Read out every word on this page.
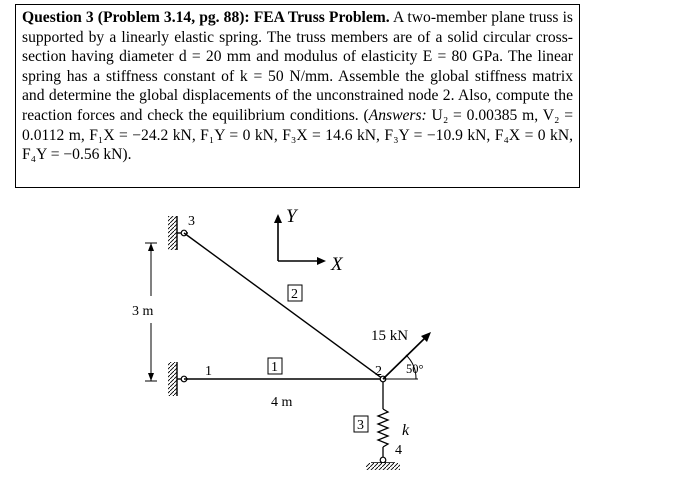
Question 3 (Problem 3.14, pg. 88): FEA Truss Problem. A two-member plane truss is supported by a linearly elastic spring. The truss members are of a solid circular cross-section having diameter d = 20 mm and modulus of elasticity E = 80 GPa. The linear spring has a stiffness constant of k = 50 N/mm. Assemble the global stiffness matrix and determine the global displacements of the unconstrained node 2. Also, compute the reaction forces and check the equilibrium conditions. (Answers: U₂ = 0.00385 m, V₂ = 0.0112 m, F₁X = −24.2 kN, F₁Y = 0 kN, F₃X = 14.6 kN, F₃Y = −10.9 kN, F₄X = 0 kN, F₄Y = −0.56 kN).

3 m
3
1	2
4
Y
X
2
1
3
4 m
15 kN
50°
k
